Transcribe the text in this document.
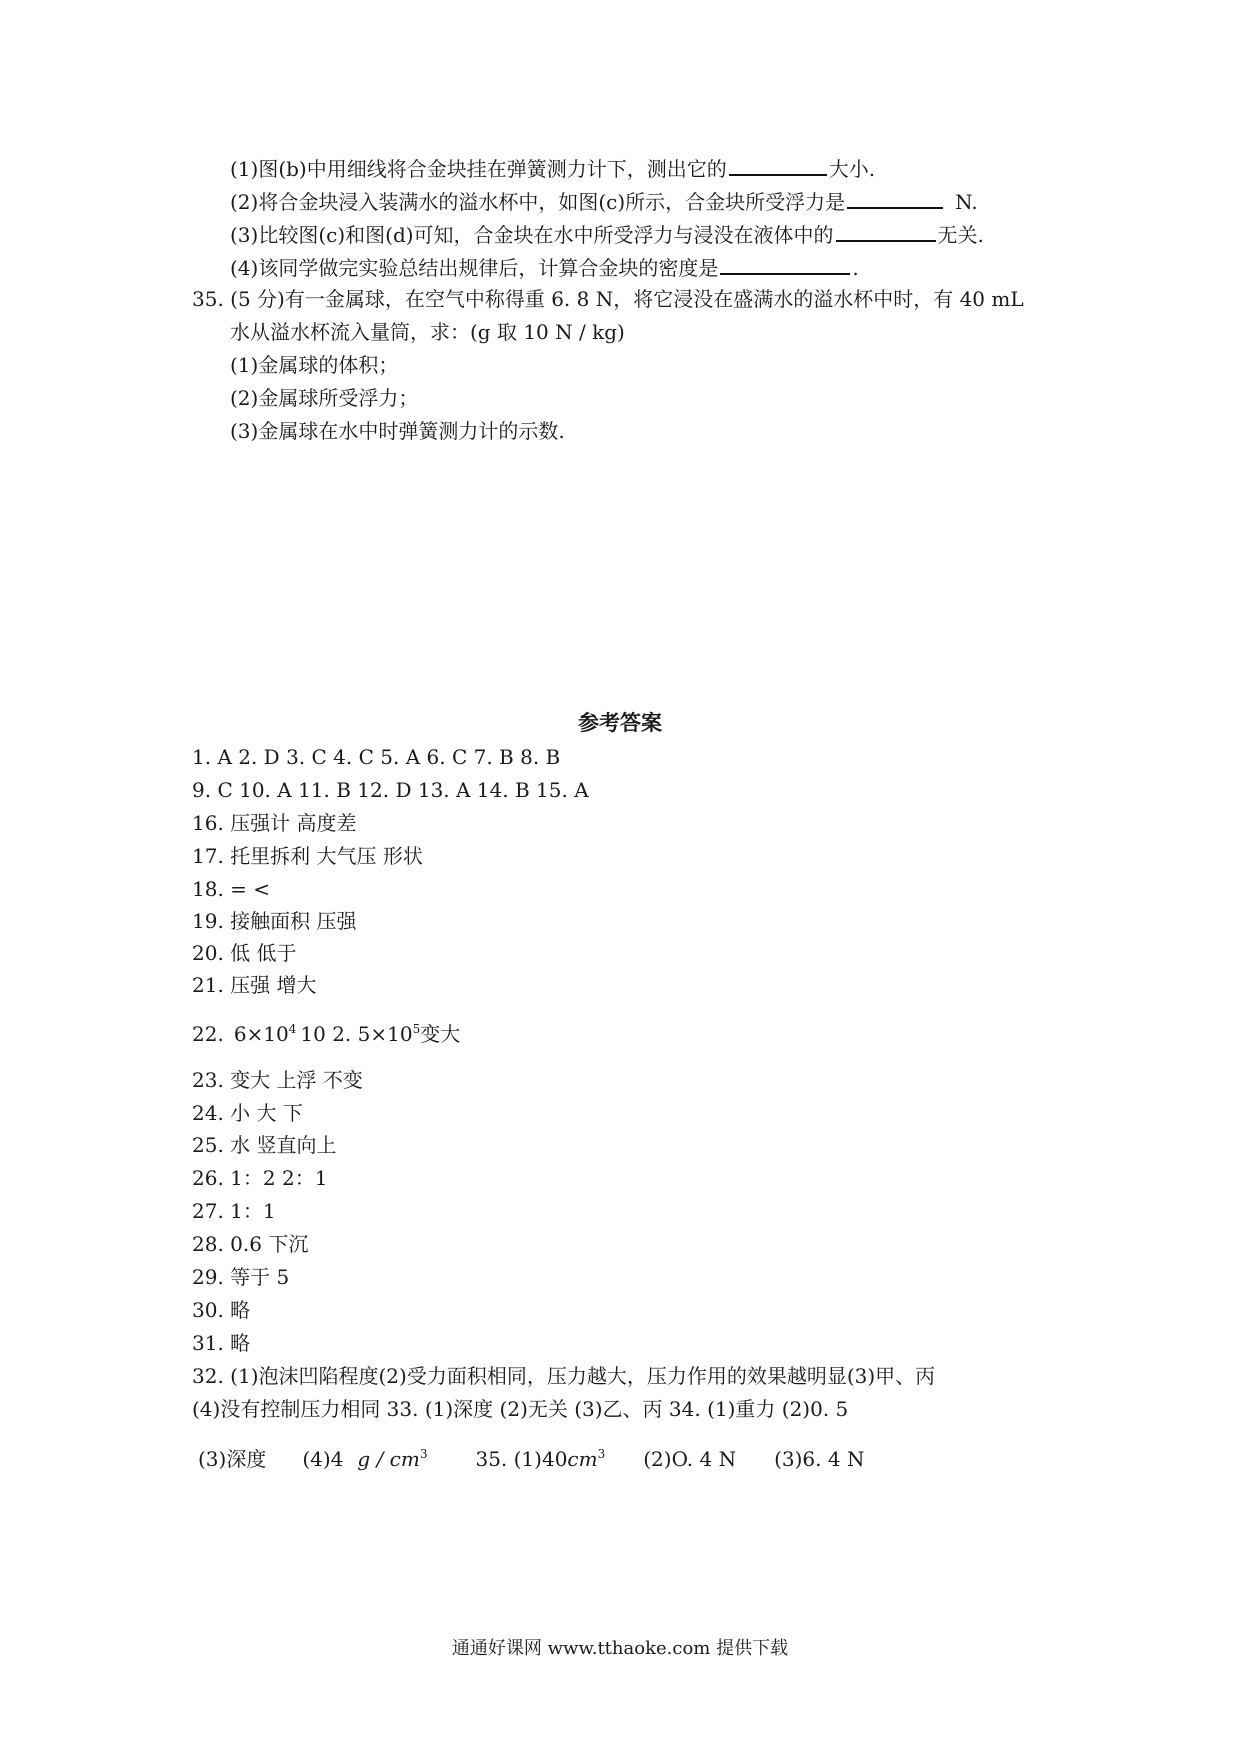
(1)图(b)中用细线将合金块挂在弹簧测力计下，测出它的	大小.
(2)将合金块浸入装满水的溢水杯中，如图(c)所示，合金块所受浮力是	N.
(3)比较图(c)和图(d)可知，合金块在水中所受浮力与浸没在液体中的	无关.
(4)该同学做完实验总结出规律后，计算合金块的密度是	.
35. (5 分)有一金属球，在空气中称得重 6. 8 N，将它浸没在盛满水的溢水杯中时，有 40 mL
水从溢水杯流入量筒，求：(g 取 10 N / kg)
(1)金属球的体积；
(2)金属球所受浮力；
(3)金属球在水中时弹簧测力计的示数.
参考答案
1. A 2. D 3. C 4. C 5. A 6. C 7. B 8. B
9. C 10. A 11. B 12. D 13. A 14. B 15. A
16. 压强计 高度差
17. 托里拆利 大气压 形状
18. = <
19. 接触面积 压强
20. 低 低于
21. 压强 增大
22. $6\times 10^4$ 10 2. $5\times 10^5$变大
23. 变大 上浮 不变
24. 小 大 下
25. 水 竖直向上
26. 1：2 2：1
27. 1：1
28. 0.6 下沉
29. 等于 5
30. 略
31. 略
32. (1)泡沫凹陷程度(2)受力面积相同，压力越大，压力作用的效果越明显(3)甲、丙
(4)没有控制压力相同 33. (1)深度 (2)无关 (3)乙、丙 34. (1)重力 (2)0. 5
(3)深度 (4)4 g / $cm^3$ 35. $(1)40cm^3$ (2)O. 4 N (3)6. 4 N
通通好课网 www.tthaoke.com 提供下载
